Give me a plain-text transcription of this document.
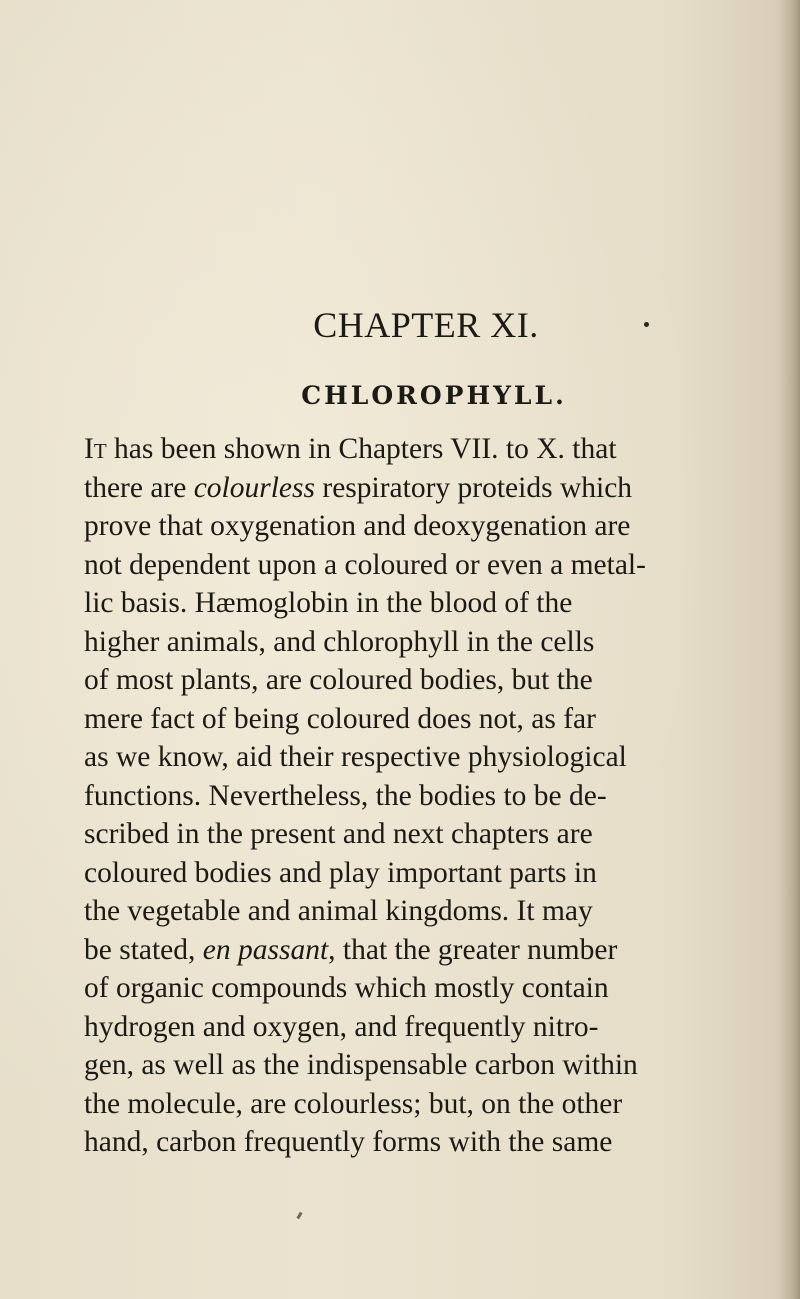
CHAPTER XI.
CHLOROPHYLL.
It has been shown in Chapters VII. to X. that
there are colourless respiratory proteids which
prove that oxygenation and deoxygenation are
not dependent upon a coloured or even a metal-
lic basis. Hæmoglobin in the blood of the
higher animals, and chlorophyll in the cells
of most plants, are coloured bodies, but the
mere fact of being coloured does not, as far
as we know, aid their respective physiological
functions. Nevertheless, the bodies to be de-
scribed in the present and next chapters are
coloured bodies and play important parts in
the vegetable and animal kingdoms. It may
be stated, en passant, that the greater number
of organic compounds which mostly contain
hydrogen and oxygen, and frequently nitro-
gen, as well as the indispensable carbon within
the molecule, are colourless; but, on the other
hand, carbon frequently forms with the same
